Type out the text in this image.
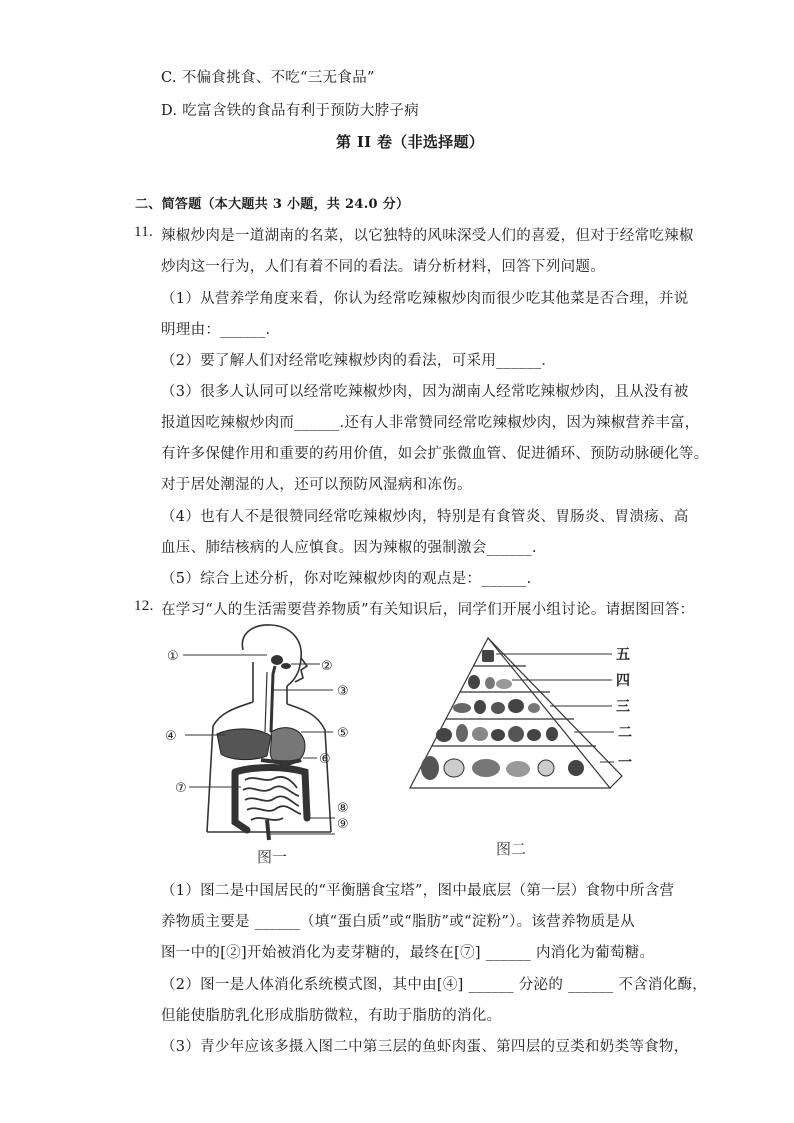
C. 不偏食挑食、不吃“三无食品”
D. 吃富含铁的食品有利于预防大脖子病
第 II 卷（非选择题）
二、简答题（本大题共 3 小题，共 24.0 分）
11. 辣椒炒肉是一道湖南的名菜，以它独特的风味深受人们的喜爱，但对于经常吃辣椒
炒肉这一行为，人们有着不同的看法。请分析材料，回答下列问题。
（1）从营养学角度来看，你认为经常吃辣椒炒肉而很少吃其他菜是否合理，并说
明理由：______．
（2）要了解人们对经常吃辣椒炒肉的看法，可采用______．
（3）很多人认同可以经常吃辣椒炒肉，因为湖南人经常吃辣椒炒肉，且从没有被
报道因吃辣椒炒肉而______.还有人非常赞同经常吃辣椒炒肉，因为辣椒营养丰富，
有许多保健作用和重要的药用价值，如会扩张微血管、促进循环、预防动脉硬化等。
对于居处潮湿的人，还可以预防风湿病和冻伤。
（4）也有人不是很赞同经常吃辣椒炒肉，特别是有食管炎、胃肠炎、胃溃疡、高
血压、肺结核病的人应慎食。因为辣椒的强制激会______.
（5）综合上述分析，你对吃辣椒炒肉的观点是：______.
12. 在学习“人的生活需要营养物质”有关知识后，同学们开展小组讨论。请据图回答：
①
②
③
④	⑤
⑥
⑦
⑧
⑨
图一
五
四
三
二
一
图二
（1）图二是中国居民的“平衡膳食宝塔”，图中最底层（第一层）食物中所含营
养物质主要是 ______（填“蛋白质”或“脂肪”或“淀粉”）。该营养物质是从
图一中的[②]开始被消化为麦芽糖的，最终在[⑦] ______ 内消化为葡萄糖。
（2）图一是人体消化系统模式图，其中由[④] ______ 分泌的 ______ 不含消化酶，
但能使脂肪乳化形成脂肪微粒，有助于脂肪的消化。
（3）青少年应该多摄入图二中第三层的鱼虾肉蛋、第四层的豆类和奶类等食物，
